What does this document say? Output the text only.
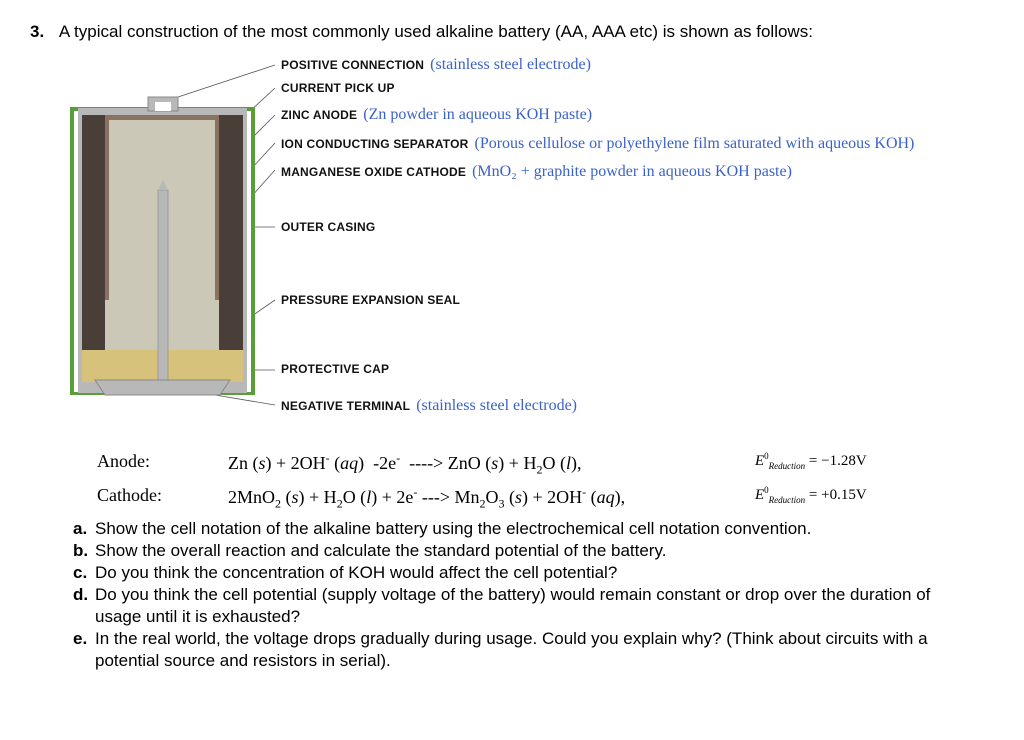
3. A typical construction of the most commonly used alkaline battery (AA, AAA etc) is shown as follows:
POSITIVE CONNECTION (stainless steel electrode)
CURRENT PICK UP
ZINC ANODE (Zn powder in aqueous KOH paste)
ION CONDUCTING SEPARATOR (Porous cellulose or polyethylene film saturated with aqueous KOH)
MANGANESE OXIDE CATHODE (MnO₂ + graphite powder in aqueous KOH paste)
OUTER CASING
PRESSURE EXPANSION SEAL
PROTECTIVE CAP
NEGATIVE TERMINAL (stainless steel electrode)
Anode:	Zn (s) + 2OH- (aq)  -2e-  ----> ZnO $(s) + H_2O$ (l),	$E^0_{Reduction} = -1.28V$
Cathode:	2MnO$_2$ $(s) + H_2O$ (l) + 2e- ---> $Mn_2O_3$ (s) + 2OH- (aq),	$E^0_{Reduction} = +0.15V$
a. Show the cell notation of the alkaline battery using the electrochemical cell notation convention.
b. Show the overall reaction and calculate the standard potential of the battery.
c. Do you think the concentration of KOH would affect the cell potential?
d. Do you think the cell potential (supply voltage of the battery) would remain constant or drop over the duration of usage until it is exhausted?
e. In the real world, the voltage drops gradually during usage. Could you explain why? (Think about circuits with a potential source and resistors in serial).
